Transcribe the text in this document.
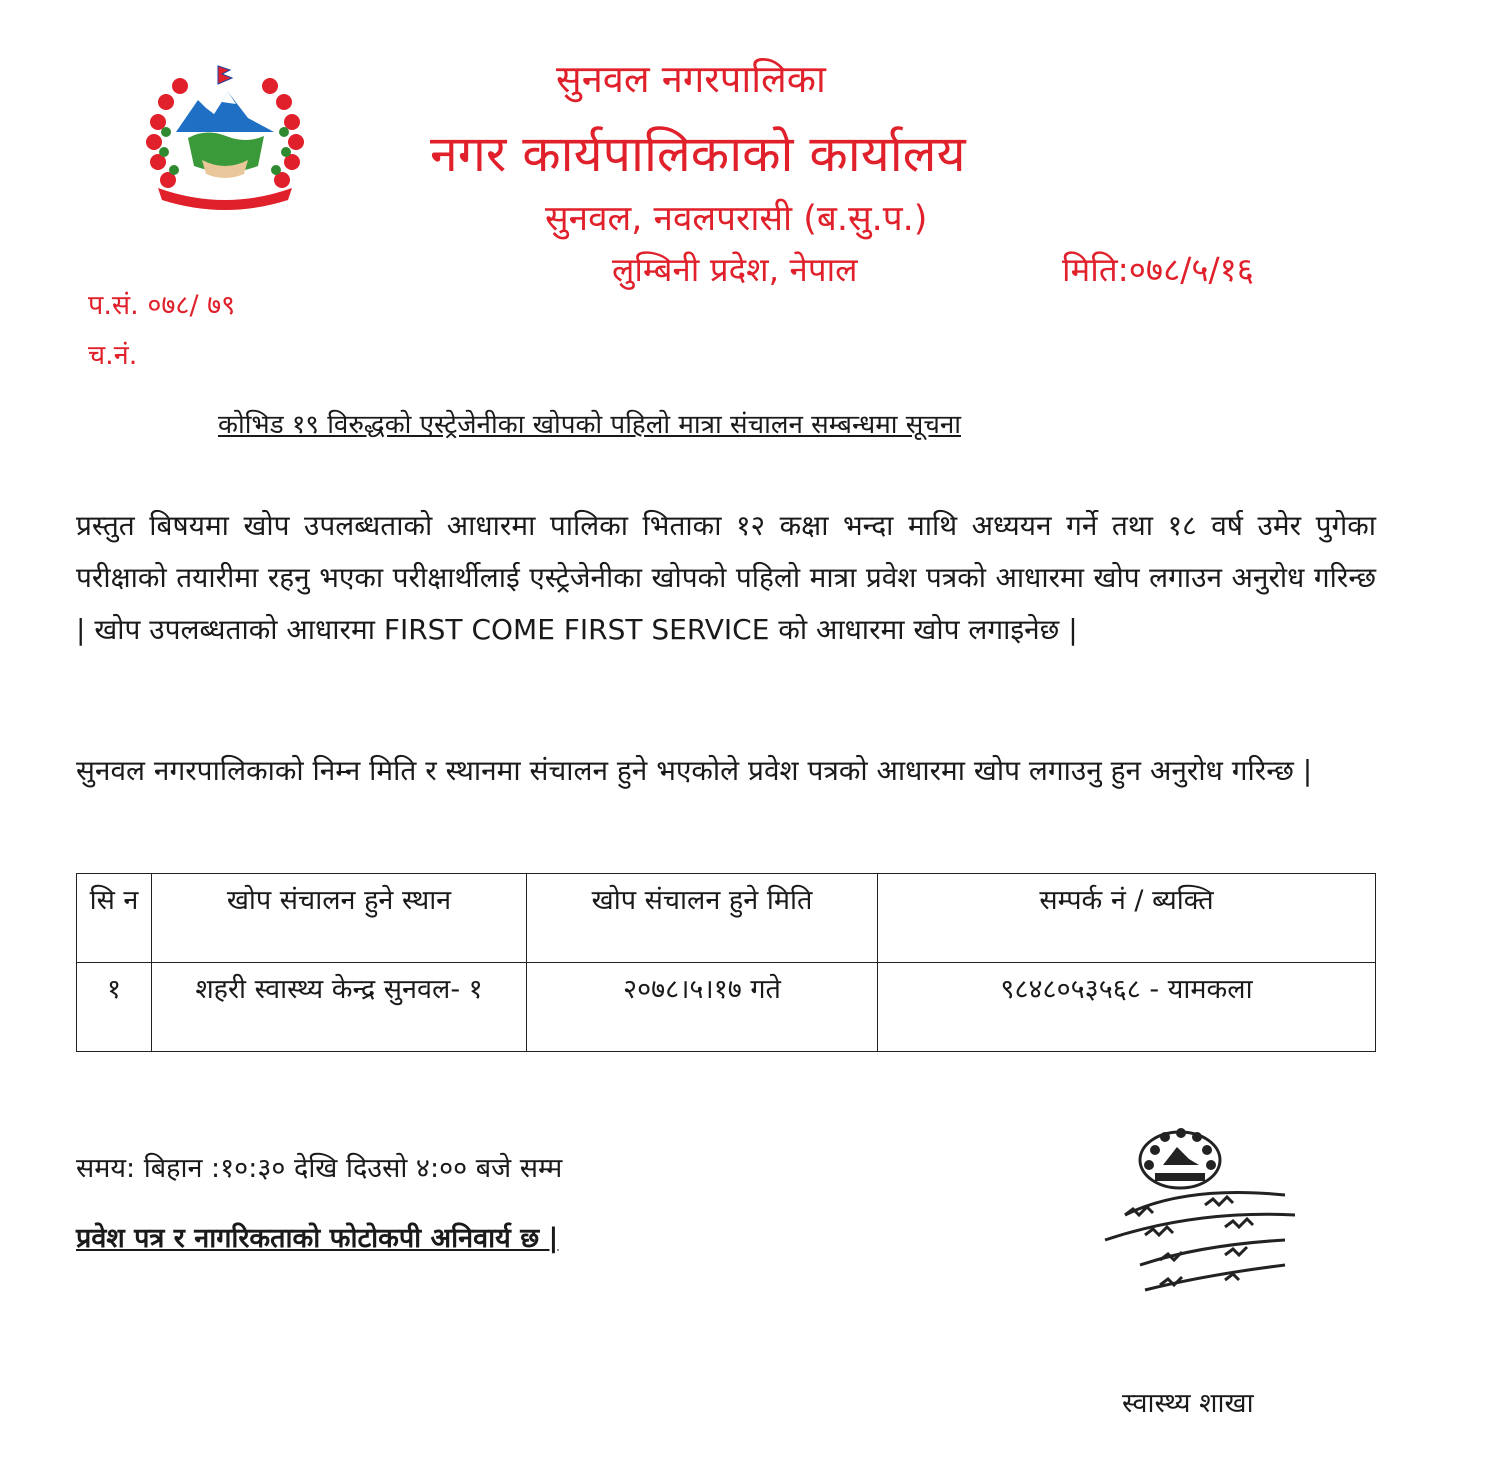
सुनवल नगरपालिका
नगर कार्यपालिकाको कार्यालय
सुनवल, नवलपरासी (ब.सु.प.)
लुम्बिनी प्रदेश, नेपाल	मिति:०७८/५/१६
प.सं. ०७८/ ७९
च.नं.
कोभिड १९ विरुद्धको एस्ट्रेजेनीका खोपको पहिलो मात्रा संचालन सम्बन्धमा सूचना
प्रस्तुत बिषयमा खोप उपलब्धताको आधारमा पालिका भिताका १२ कक्षा भन्दा माथि अध्ययन गर्ने तथा १८ वर्ष उमेर पुगेका परीक्षाको तयारीमा रहनु भएका परीक्षार्थीलाई एस्ट्रेजेनीका खोपको पहिलो मात्रा प्रवेश पत्रको आधारमा खोप लगाउन अनुरोध गरिन्छ | खोप उपलब्धताको आधारमा FIRST COME FIRST SERVICE को आधारमा खोप लगाइनेछ |
सुनवल नगरपालिकाको निम्न मिति र स्थानमा संचालन हुने भएकोले प्रवेश पत्रको आधारमा खोप लगाउनु हुन अनुरोध गरिन्छ |
सि न	खोप संचालन हुने स्थान	खोप संचालन हुने मिति	सम्पर्क नं / ब्यक्ति
१	शहरी स्वास्थ्य केन्द्र सुनवल- १	२०७८।५।१७ गते	९८४८०५३५६८ - यामकला
समय: बिहान :१०:३० देखि दिउसो ४:०० बजे सम्म
प्रवेश पत्र र नागरिकताको फोटोकपी अनिवार्य छ |
स्वास्थ्य शाखा
